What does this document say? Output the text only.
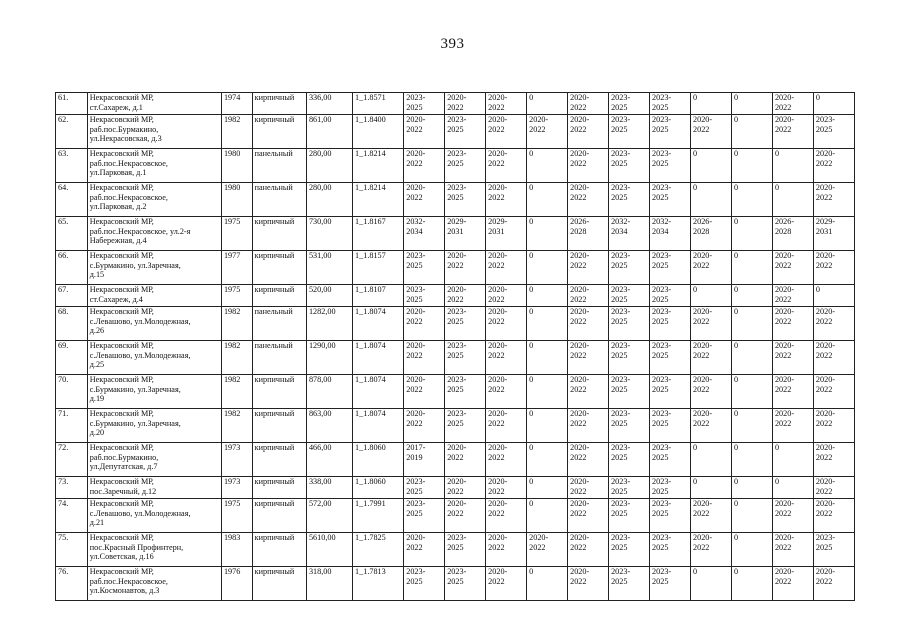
393
61.	Некрасовский МР,
ст.Сахареж, д.1	1974	кирпичный	336,00	1_1.8571	2023-
2025	2020-
2022	2020-
2022	0	2020-
2022	2023-
2025	2023-
2025	0	0	2020-
2022	0
62.	Некрасовский МР,
раб.пос.Бурмакино,
ул.Некрасовская, д.3	1982	кирпичный	861,00	1_1.8400	2020-
2022	2023-
2025	2020-
2022	2020-
2022	2020-
2022	2023-
2025	2023-
2025	2020-
2022	0	2020-
2022	2023-
2025
63.	Некрасовский МР,
раб.пос.Некрасовское,
ул.Парковая, д.1	1980	панельный	280,00	1_1.8214	2020-
2022	2023-
2025	2020-
2022	0	2020-
2022	2023-
2025	2023-
2025	0	0	0	2020-
2022
64.	Некрасовский МР,
раб.пос.Некрасовское,
ул.Парковая, д.2	1980	панельный	280,00	1_1.8214	2020-
2022	2023-
2025	2020-
2022	0	2020-
2022	2023-
2025	2023-
2025	0	0	0	2020-
2022
65.	Некрасовский МР,
раб.пос.Некрасовское, ул.2-я
Набережная, д.4	1975	кирпичный	730,00	1_1.8167	2032-
2034	2029-
2031	2029-
2031	0	2026-
2028	2032-
2034	2032-
2034	2026-
2028	0	2026-
2028	2029-
2031
66.	Некрасовский МР,
с.Бурмакино, ул.Заречная,
д.15	1977	кирпичный	531,00	1_1.8157	2023-
2025	2020-
2022	2020-
2022	0	2020-
2022	2023-
2025	2023-
2025	2020-
2022	0	2020-
2022	2020-
2022
67.	Некрасовский МР,
ст.Сахареж, д.4	1975	кирпичный	520,00	1_1.8107	2023-
2025	2020-
2022	2020-
2022	0	2020-
2022	2023-
2025	2023-
2025	0	0	2020-
2022	0
68.	Некрасовский МР,
с.Левашово, ул.Молодежная,
д.26	1982	панельный	1282,00	1_1.8074	2020-
2022	2023-
2025	2020-
2022	0	2020-
2022	2023-
2025	2023-
2025	2020-
2022	0	2020-
2022	2020-
2022
69.	Некрасовский МР,
с.Левашово, ул.Молодежная,
д.25	1982	панельный	1290,00	1_1.8074	2020-
2022	2023-
2025	2020-
2022	0	2020-
2022	2023-
2025	2023-
2025	2020-
2022	0	2020-
2022	2020-
2022
70.	Некрасовский МР,
с.Бурмакино, ул.Заречная,
д.19	1982	кирпичный	878,00	1_1.8074	2020-
2022	2023-
2025	2020-
2022	0	2020-
2022	2023-
2025	2023-
2025	2020-
2022	0	2020-
2022	2020-
2022
71.	Некрасовский МР,
с.Бурмакино, ул.Заречная,
д.20	1982	кирпичный	863,00	1_1.8074	2020-
2022	2023-
2025	2020-
2022	0	2020-
2022	2023-
2025	2023-
2025	2020-
2022	0	2020-
2022	2020-
2022
72.	Некрасовский МР,
раб.пос.Бурмакино,
ул.Депутатская, д.7	1973	кирпичный	466,00	1_1.8060	2017-
2019	2020-
2022	2020-
2022	0	2020-
2022	2023-
2025	2023-
2025	0	0	0	2020-
2022
73.	Некрасовский МР,
пос.Заречный, д.12	1973	кирпичный	338,00	1_1.8060	2023-
2025	2020-
2022	2020-
2022	0	2020-
2022	2023-
2025	2023-
2025	0	0	0	2020-
2022
74.	Некрасовский МР,
с.Левашово, ул.Молодежная,
д.21	1975	кирпичный	572,00	1_1.7991	2023-
2025	2020-
2022	2020-
2022	0	2020-
2022	2023-
2025	2023-
2025	2020-
2022	0	2020-
2022	2020-
2022
75.	Некрасовский МР,
пос.Красный Профинтерн,
ул.Советская, д.16	1983	кирпичный	5610,00	1_1.7825	2020-
2022	2023-
2025	2020-
2022	2020-
2022	2020-
2022	2023-
2025	2023-
2025	2020-
2022	0	2020-
2022	2023-
2025
76.	Некрасовский МР,
раб.пос.Некрасовское,
ул.Космонавтов, д.3	1976	кирпичный	318,00	1_1.7813	2023-
2025	2023-
2025	2020-
2022	0	2020-
2022	2023-
2025	2023-
2025	0	0	2020-
2022	2020-
2022
